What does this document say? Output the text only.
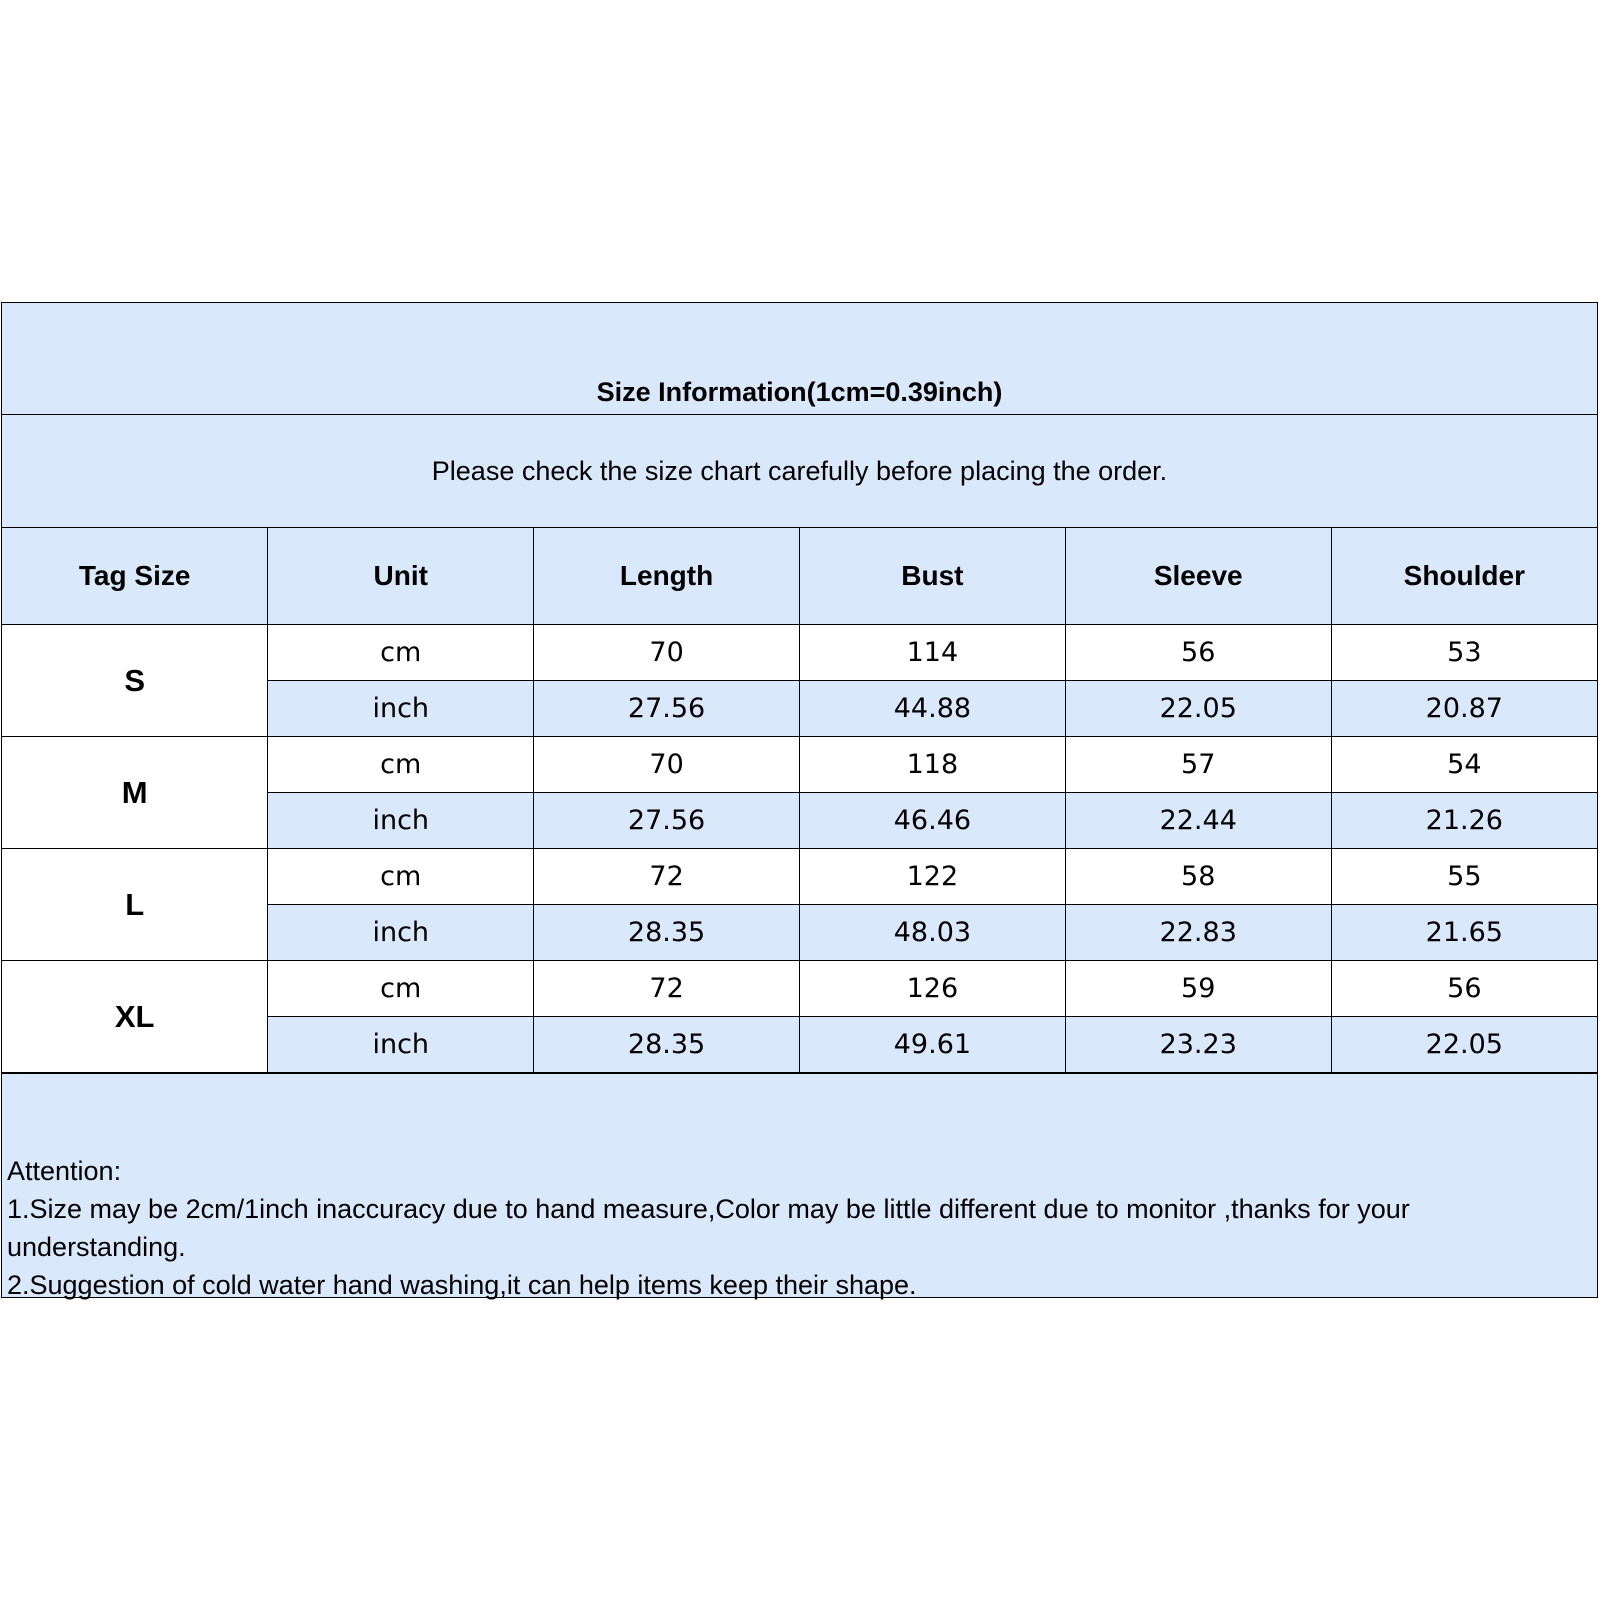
Size Information(1cm=0.39inch)
Please check the size chart carefully before placing the order.
Tag Size	Unit	Length	Bust	Sleeve	Shoulder
S	cm	70	114	56	53
	inch	27.56	44.88	22.05	20.87
M	cm	70	118	57	54
	inch	27.56	46.46	22.44	21.26
L	cm	72	122	58	55
	inch	28.35	48.03	22.83	21.65
XL	cm	72	126	59	56
	inch	28.35	49.61	23.23	22.05
Attention:
1.Size may be 2cm/1inch inaccuracy due to hand measure,Color may be little different due to monitor ,thanks for your understanding.
2.Suggestion of cold water hand washing,it can help items keep their shape.
